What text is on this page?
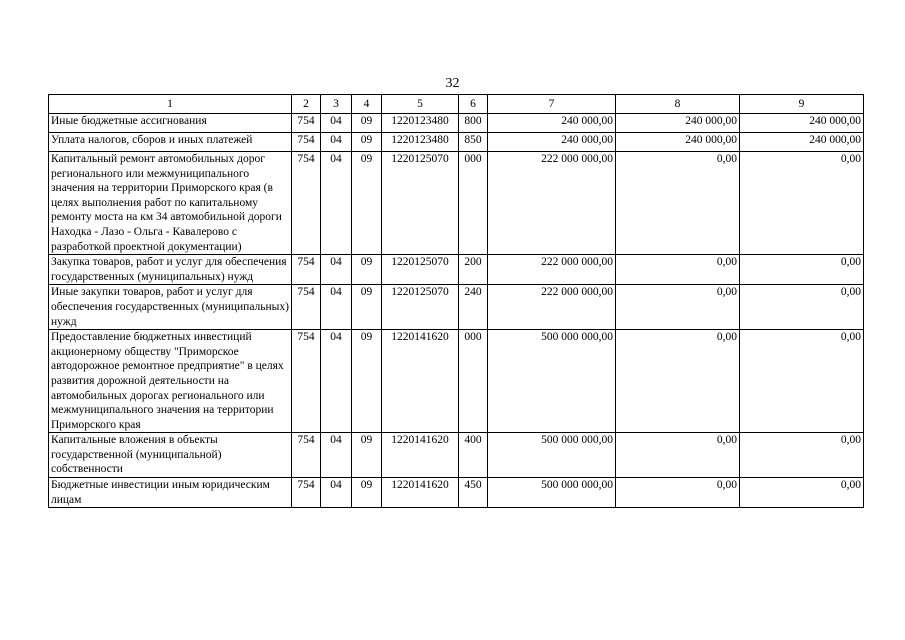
32
1	2	3	4	5	6	7	8	9
Иные бюджетные ассигнования	754	04	09	1220123480	800	240 000,00	240 000,00	240 000,00
Уплата налогов, сборов и иных платежей	754	04	09	1220123480	850	240 000,00	240 000,00	240 000,00
Капитальный ремонт автомобильных дорог регионального или межмуниципального значения на территории Приморского края (в целях выполнения работ по капитальному ремонту моста на км 34 автомобильной дороги Находка - Лазо - Ольга - Кавалерово с разработкой проектной документации)	754	04	09	1220125070	000	222 000 000,00	0,00	0,00
Закупка товаров, работ и услуг для обеспечения государственных (муниципальных) нужд	754	04	09	1220125070	200	222 000 000,00	0,00	0,00
Иные закупки товаров, работ и услуг для обеспечения государственных (муниципальных) нужд	754	04	09	1220125070	240	222 000 000,00	0,00	0,00
Предоставление бюджетных инвестиций акционерному обществу "Приморское автодорожное ремонтное предприятие" в целях развития дорожной деятельности на автомобильных дорогах регионального или межмуниципального значения на территории Приморского края	754	04	09	1220141620	000	500 000 000,00	0,00	0,00
Капитальные вложения в объекты государственной (муниципальной) собственности	754	04	09	1220141620	400	500 000 000,00	0,00	0,00
Бюджетные инвестиции иным юридическим лицам	754	04	09	1220141620	450	500 000 000,00	0,00	0,00
